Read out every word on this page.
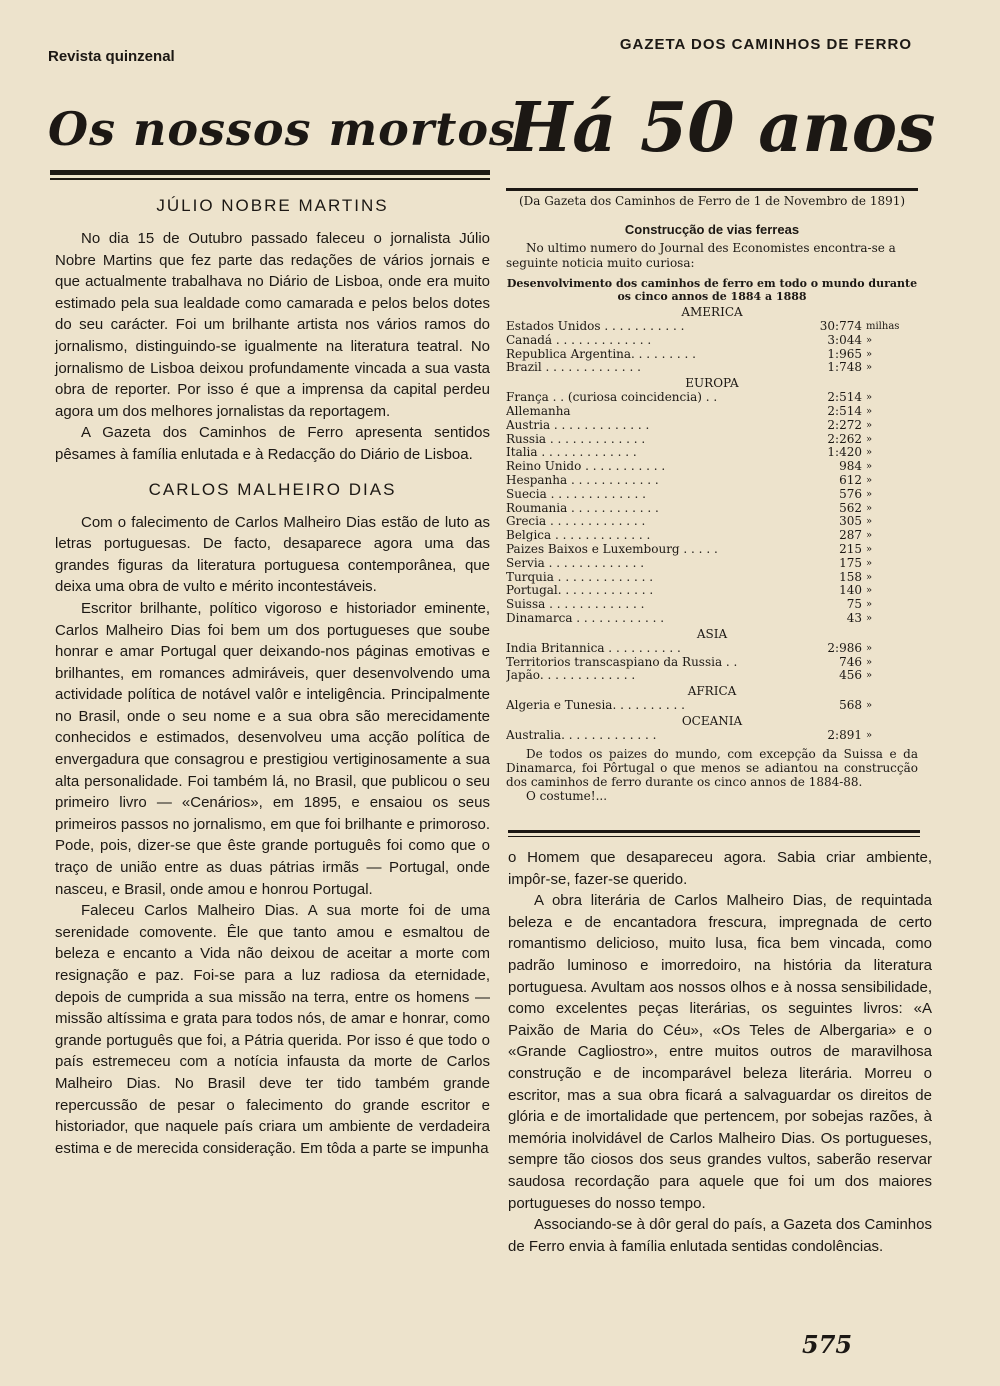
Revista quinzenal
GAZETA DOS CAMINHOS DE FERRO
Os nossos mortos
Há 50 anos
JÚLIO NOBRE MARTINS

No dia 15 de Outubro passado faleceu o jornalista Júlio Nobre Martins que fez parte das redações de vários jornais e que actualmente trabalhava no Diário de Lisboa, onde era muito estimado pela sua lealdade como camarada e pelos belos dotes do seu carácter. Foi um brilhante artista nos vários ramos do jornalismo, distinguindo-se igualmente na literatura teatral. No jornalismo de Lisboa deixou profundamente vincada a sua vasta obra de reporter. Por isso é que a imprensa da capital perdeu agora um dos melhores jornalistas da reportagem.

A Gazeta dos Caminhos de Ferro apresenta sentidos pêsames à família enlutada e à Redacção do Diário de Lisboa.

CARLOS MALHEIRO DIAS

Com o falecimento de Carlos Malheiro Dias estão de luto as letras portuguesas. De facto, desaparece agora uma das grandes figuras da literatura portuguesa contemporânea, que deixa uma obra de vulto e mérito incontestáveis.

Escritor brilhante, político vigoroso e historiador eminente, Carlos Malheiro Dias foi bem um dos portugueses que soube honrar e amar Portugal quer deixando-nos páginas emotivas e brilhantes, em romances admiráveis, quer desenvolvendo uma actividade política de notável valôr e inteligência. Principalmente no Brasil, onde o seu nome e a sua obra são merecidamente conhecidos e estimados, desenvolveu uma acção política de envergadura que consagrou e prestigiou vertiginosamente a sua alta personalidade. Foi também lá, no Brasil, que publicou o seu primeiro livro — «Cenários», em 1895, e ensaiou os seus primeiros passos no jornalismo, em que foi brilhante e primoroso. Pode, pois, dizer-se que êste grande português foi como que o traço de união entre as duas pátrias irmãs — Portugal, onde nasceu, e Brasil, onde amou e honrou Portugal.

Faleceu Carlos Malheiro Dias. A sua morte foi de uma serenidade comovente. Êle que tanto amou e esmaltou de beleza e encanto a Vida não deixou de aceitar a morte com resignação e paz. Foi-se para a luz radiosa da eternidade, depois de cumprida a sua missão na terra, entre os homens — missão altíssima e grata para todos nós, de amar e honrar, como grande português que foi, a Pátria querida. Por isso é que todo o país estremeceu com a notícia infausta da morte de Carlos Malheiro Dias. No Brasil deve ter tido também grande repercussão de pesar o falecimento do grande escritor e historiador, que naquele país criara um ambiente de verdadeira estima e de merecida consideração. Em tôda a parte se impunha

(Da Gazeta dos Caminhos de Ferro de 1 de Novembro de 1891)
Construcção de vias ferreas

No ultimo numero do Journal des Economistes encontra-se a seguinte noticia muito curiosa:

Desenvolvimento dos caminhos de ferro em todo o mundo durante os cinco annos de 1884 a 1888
AMERICA
Estados Unidos . . . . . . . . . . .	30:774 milhas
Canadá . . . . . . . . . . . . .	3:044 »
Republica Argentina. . . . . . . . .	1:965 »
Brazil . . . . . . . . . . . . .	1:748 »
EUROPA
França . . (curiosa coincidencia) . .	2:514 »
Allemanha	2:514 »
Austria . . . . . . . . . . . . .	2:272 »
Russia . . . . . . . . . . . . .	2:262 »
Italia . . . . . . . . . . . . .	1:420 »
Reino Unido . . . . . . . . . . .	984 »
Hespanha . . . . . . . . . . . .	612 »
Suecia . . . . . . . . . . . . .	576 »
Roumania . . . . . . . . . . . .	562 »
Grecia . . . . . . . . . . . . .	305 »
Belgica . . . . . . . . . . . . .	287 »
Paizes Baixos e Luxembourg . . . . .	215 »
Servia . . . . . . . . . . . . .	175 »
Turquia . . . . . . . . . . . . .	158 »
Portugal. . . . . . . . . . . . .	140 »
Suissa . . . . . . . . . . . . .	75 »
Dinamarca . . . . . . . . . . . .	43 »
ASIA
India Britannica . . . . . . . . . .	2:986 »
Territorios transcaspiano da Russia . .	746 »
Japão. . . . . . . . . . . . .	456 »
AFRICA
Algeria e Tunesia. . . . . . . . . .	568 »
OCEANIA
Australia. . . . . . . . . . . . .	2:891 »

De todos os paizes do mundo, com excepção da Suissa e da Dinamarca, foi Pôrtugal o que menos se adiantou na construcção dos caminhos de ferro durante os cinco annos de 1884-88.

O costume!...

o Homem que desapareceu agora. Sabia criar ambiente, impôr-se, fazer-se querido.

A obra literária de Carlos Malheiro Dias, de requintada beleza e de encantadora frescura, impregnada de certo romantismo delicioso, muito lusa, fica bem vincada, como padrão luminoso e imorredoiro, na história da literatura portuguesa. Avultam aos nossos olhos e à nossa sensibilidade, como excelentes peças literárias, os seguintes livros: «A Paixão de Maria do Céu», «Os Teles de Albergaria» e o «Grande Cagliostro», entre muitos outros de maravilhosa construção e de incomparável beleza literária. Morreu o escritor, mas a sua obra ficará a salvaguardar os direitos de glória e de imortalidade que pertencem, por sobejas razões, à memória inolvidável de Carlos Malheiro Dias. Os portugueses, sempre tão ciosos dos seus grandes vultos, saberão reservar saudosa recordação para aquele que foi um dos maiores portugueses do nosso tempo.

Associando-se à dôr geral do país, a Gazeta dos Caminhos de Ferro envia à família enlutada sentidas condolências.

575
